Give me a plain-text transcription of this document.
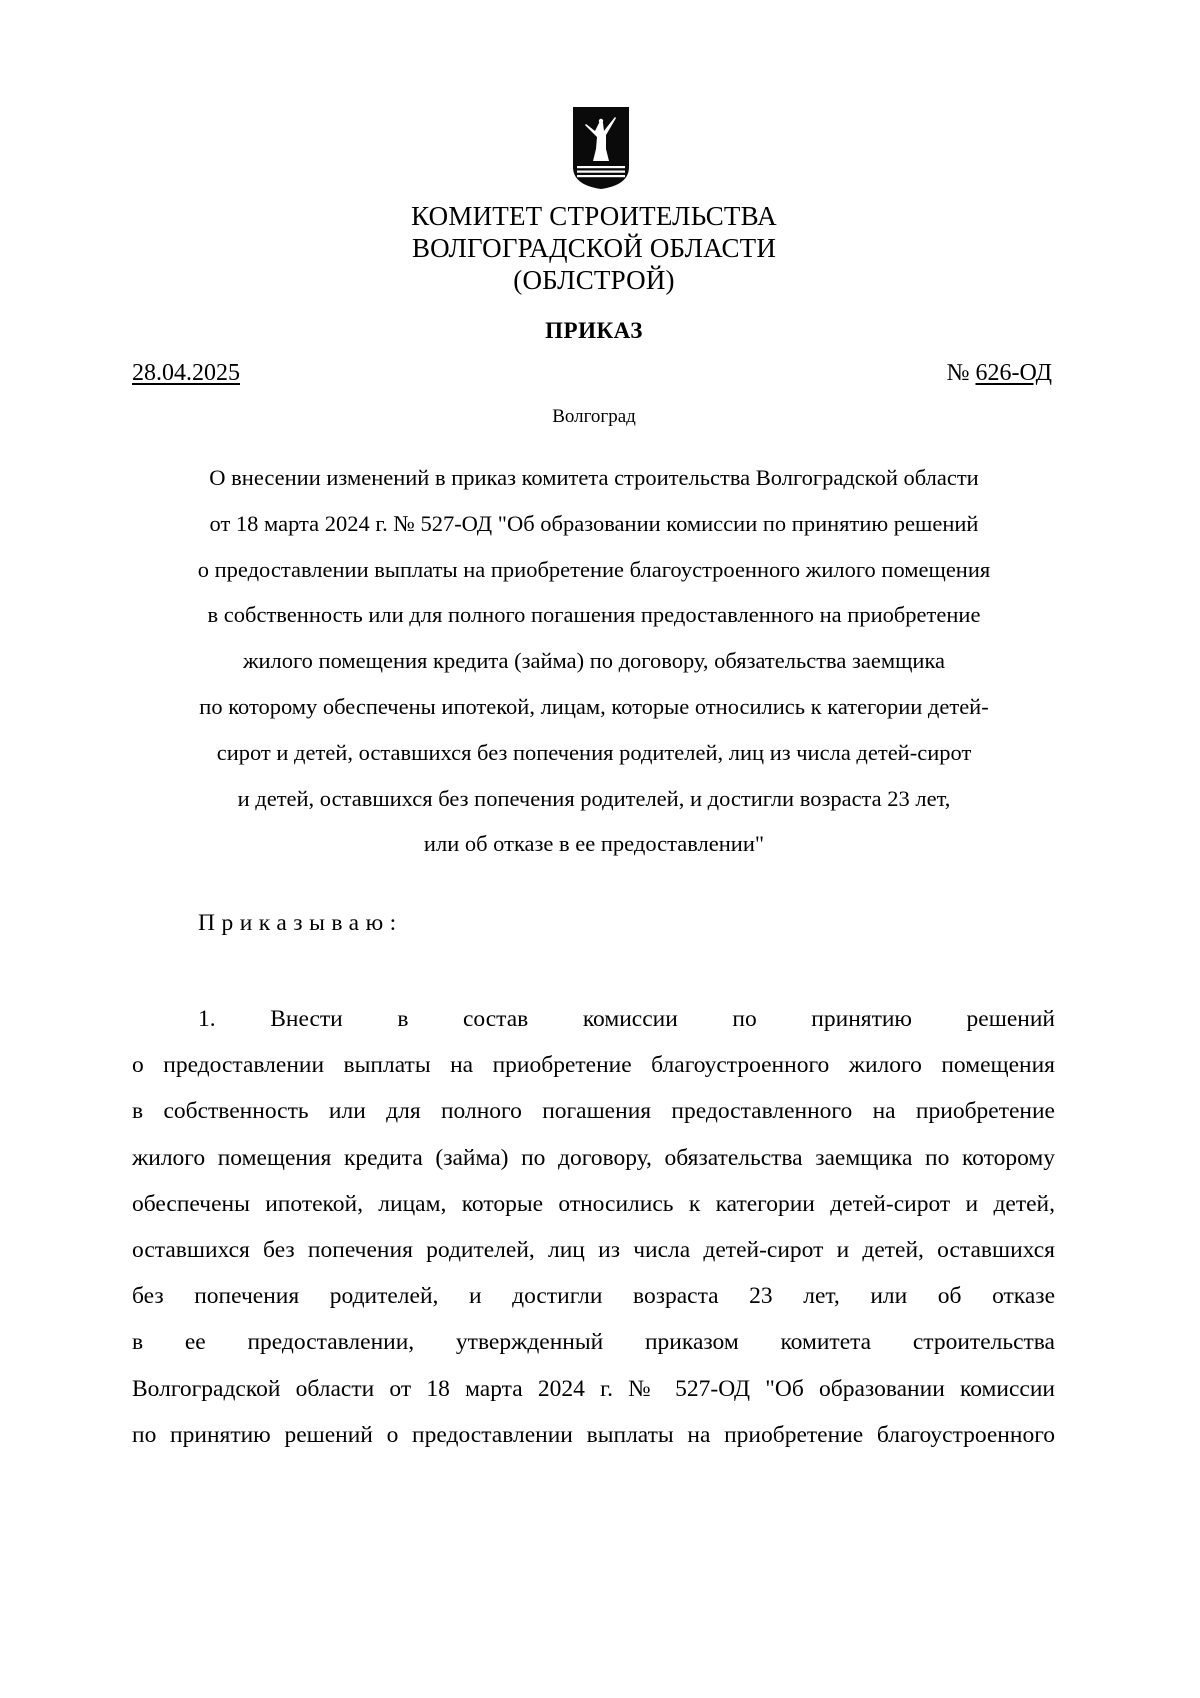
КОМИТЕТ СТРОИТЕЛЬСТВА
ВОЛГОГРАДСКОЙ ОБЛАСТИ
(ОБЛСТРОЙ)
ПРИКАЗ
28.04.2025	№ 626-ОД
Волгоград
О внесении изменений в приказ комитета строительства Волгоградской области
от 18 марта 2024 г. № 527-ОД "Об образовании комиссии по принятию решений
о предоставлении выплаты на приобретение благоустроенного жилого помещения
в собственность или для полного погашения предоставленного на приобретение
жилого помещения кредита (займа) по договору, обязательства заемщика
по которому обеспечены ипотекой, лицам, которые относились к категории детей-
сирот и детей, оставшихся без попечения родителей, лиц из числа детей-сирот
и детей, оставшихся без попечения родителей, и достигли возраста 23 лет,
или об отказе в ее предоставлении"
Приказываю:
1. Внести в состав комиссии по принятию решений
о предоставлении выплаты на приобретение благоустроенного жилого помещения
в собственность или для полного погашения предоставленного на приобретение
жилого помещения кредита (займа) по договору, обязательства заемщика по которому
обеспечены ипотекой, лицам, которые относились к категории детей-сирот и детей,
оставшихся без попечения родителей, лиц из числа детей-сирот и детей, оставшихся
без попечения родителей, и достигли возраста 23 лет, или об отказе
в ее предоставлении, утвержденный приказом комитета строительства
Волгоградской области от 18 марта 2024 г. № 527-ОД "Об образовании комиссии
по принятию решений о предоставлении выплаты на приобретение благоустроенного
